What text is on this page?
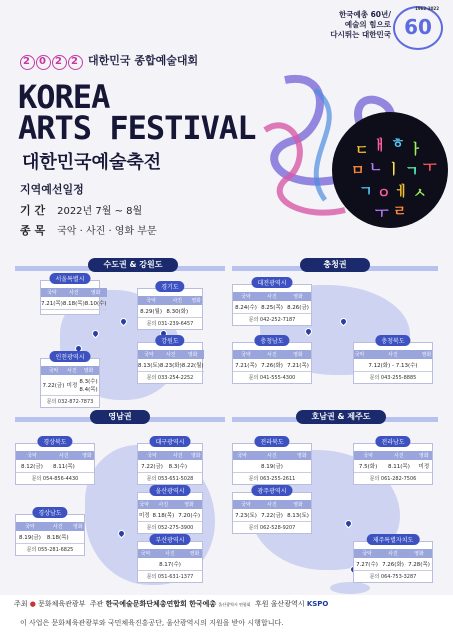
한국예총 60년/
예술의 힘으로
다시뛰는 대한민국
1962-2022
60
2 0 2 2 대한민국 종합예술대회
KOREA
ARTS FESTIVAL
대한민국예술축전
ㄷ ㅐ ㅎ ㅏ
ㅁ ㄴ ㅣ ㄱ ㅜ
ㄱ ㅇ ㅔ ㅅ
ㅜ ㄹ
지역예선일정
기 간 2022년 7월 ~ 8월
종 목 국악 · 사진 · 영화 부문
수도권 & 강원도	충청권
영남권	호남권 & 제주도
서울특별시
국악	사진	영화
7.21(목)	8.18(목)	8.10(수)
경기도
국악	사진	영화
8.29(월)	8.30(화)	
문의 031-239-6457
대전광역시
국악	사진	영화
8.24(수)	8.25(목)	8.26(금)
문의 042-252-7187
강원도
국악	사진	영화
8.13(토)	8.23(화)	8.22(월)
문의 033-254-2252
인천광역시
국악	사진	영화
7.22(금)	미정	8.3(수)
8.4(목)
문의 032-872-7873
충청남도
국악	사진	영화
7.21(목)	7.26(화)	7.21(목)
문의 041-555-4300
충청북도
국악	사진	영화
	7.12(화) - 7.13(수)	
문의 043-255-8885
경상북도
국악	사진	영화
8.12(금)	8.11(목)	
문의 054-856-4430
대구광역시
국악	사진	영화
7.22(금)	8.3(수)	
문의 053-651-5028
전라북도
국악	사진	영화
	8.19(금)	
문의 063-255-2611
전라남도
국악	사진	영화
7.5(화)	8.11(목)	미정
문의 061-282-7506
울산광역시
국악	사진	영화
미정	8.18(목)	7.20(수)
문의 052-275-3900
광주광역시
국악	사진	영화
7.23(토)	7.22(금)	8.13(토)
문의 062-528-9207
경상남도
국악	사진	영화
8.19(금)	8.18(목)	
문의 055-281-6825
부산광역시
국악	사진	영화
	8.17(수)	
문의 051-631-1377
제주특별자치도
국악	사진	영화
7.27(수)	7.26(화)	7.28(목)
문의 064-753-3287
주최 ● 문화체육관광부 주관 한국예술문화단체총연합회 한국예총 울산광역시 연합회 후원 울산광역시 KSPO
이 사업은 문화체육관광부와 국민체육진흥공단, 울산광역시의 지원을 받아 시행합니다.
